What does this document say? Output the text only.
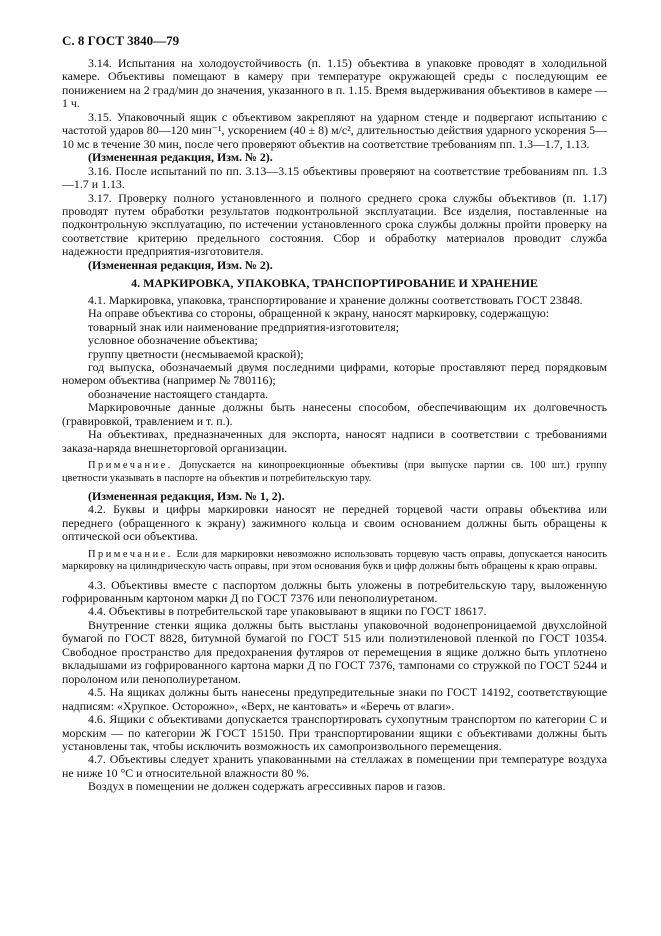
С. 8 ГОСТ 3840—79

3.14. Испытания на холодоустойчивость (п. 1.15) объектива в упаковке проводят в холодильной камере. Объективы помещают в камеру при температуре окружающей среды с последующим ее понижением на 2 град/мин до значения, указанного в п. 1.15. Время выдерживания объективов в камере — 1 ч.

3.15. Упаковочный ящик с объективом закрепляют на ударном стенде и подвергают испытанию с частотой ударов 80—120 мин⁻¹, ускорением (40 ± 8) м/с², длительностью действия ударного ускорения 5—10 мс в течение 30 мин, после чего проверяют объектив на соответствие требованиям пп. 1.3—1.7, 1.13.

(Измененная редакция, Изм. № 2).

3.16. После испытаний по пп. 3.13—3.15 объективы проверяют на соответствие требованиям пп. 1.3—1.7 и 1.13.

3.17. Проверку полного установленного и полного среднего срока службы объективов (п. 1.17) проводят путем обработки результатов подконтрольной эксплуатации. Все изделия, поставленные на подконтрольную эксплуатацию, по истечении установленного срока службы должны пройти проверку на соответствие критерию предельного состояния. Сбор и обработку материалов проводит служба надежности предприятия-изготовителя.

(Измененная редакция, Изм. № 2).

4. МАРКИРОВКА, УПАКОВКА, ТРАНСПОРТИРОВАНИЕ И ХРАНЕНИЕ

4.1. Маркировка, упаковка, транспортирование и хранение должны соответствовать ГОСТ 23848.

На оправе объектива со стороны, обращенной к экрану, наносят маркировку, содержащую:

товарный знак или наименование предприятия-изготовителя;

условное обозначение объектива;

группу цветности (несмываемой краской);

год выпуска, обозначаемый двумя последними цифрами, которые проставляют перед порядковым номером объектива (например № 780116);

обозначение настоящего стандарта.

Маркировочные данные должны быть нанесены способом, обеспечивающим их долговечность (гравировкой, травлением и т. п.).

На объективах, предназначенных для экспорта, наносят надписи в соответствии с требованиями заказа-наряда внешнеторговой организации.

Примечание. Допускается на кинопроекционные объективы (при выпуске партии св. 100 шт.) группу цветности указывать в паспорте на объектив и потребительскую тару.

(Измененная редакция, Изм. № 1, 2).

4.2. Буквы и цифры маркировки наносят не передней торцевой части оправы объектива или переднего (обращенного к экрану) зажимного кольца и своим основанием должны быть обращены к оптической оси объектива.

Примечание. Если для маркировки невозможно использовать торцевую часть оправы, допускается наносить маркировку на цилиндрическую часть оправы, при этом основания букв и цифр должны быть обращены к краю оправы.

4.3. Объективы вместе с паспортом должны быть уложены в потребительскую тару, выложенную гофрированным картоном марки Д по ГОСТ 7376 или пенополиуретаном.

4.4. Объективы в потребительской таре упаковывают в ящики по ГОСТ 18617.

Внутренние стенки ящика должны быть выстланы упаковочной водонепроницаемой двухслойной бумагой по ГОСТ 8828, битумной бумагой по ГОСТ 515 или полиэтиленовой пленкой по ГОСТ 10354. Свободное пространство для предохранения футляров от перемещения в ящике должно быть уплотнено вкладышами из гофрированного картона марки Д по ГОСТ 7376, тампонами со стружкой по ГОСТ 5244 и поролоном или пенополиуретаном.

4.5. На ящиках должны быть нанесены предупредительные знаки по ГОСТ 14192, соответствующие надписям: «Хрупкое. Осторожно», «Верх, не кантовать» и «Беречь от влаги».

4.6. Ящики с объективами допускается транспортировать сухопутным транспортом по категории С и морским — по категории Ж ГОСТ 15150. При транспортировании ящики с объективами должны быть установлены так, чтобы исключить возможность их самопроизвольного перемещения.

4.7. Объективы следует хранить упакованными на стеллажах в помещении при температуре воздуха не ниже 10 °С и относительной влажности 80 %.

Воздух в помещении не должен содержать агрессивных паров и газов.
